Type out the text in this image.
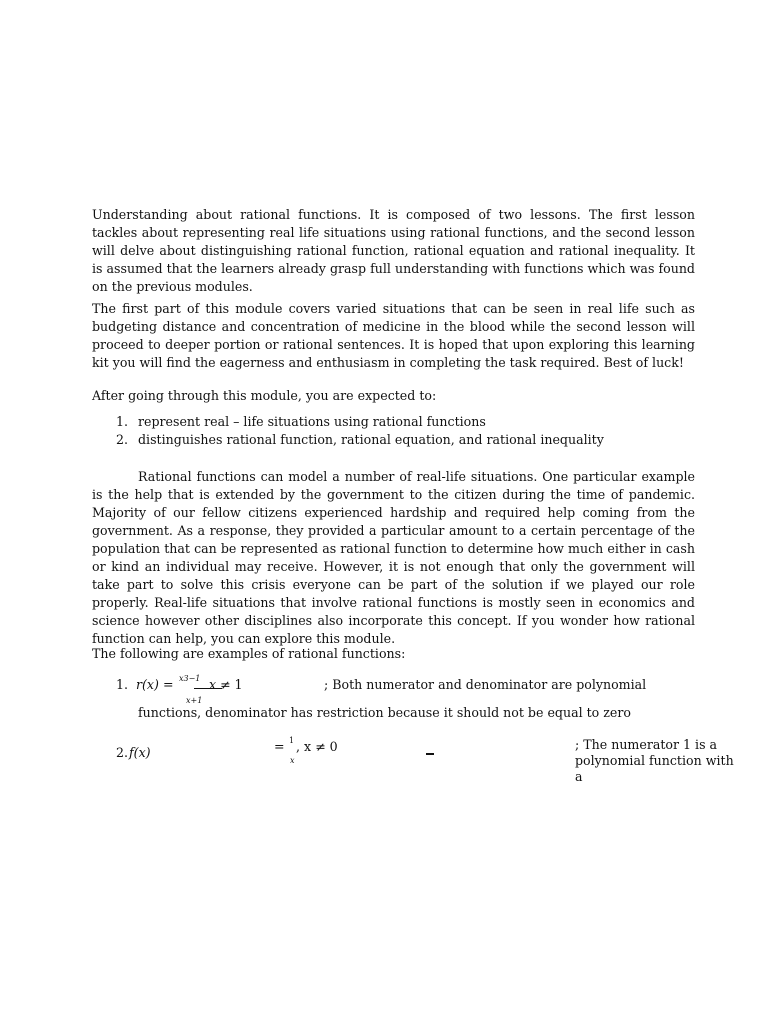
Understanding about rational functions. It is composed of two lessons. The first lesson tackles about representing real life situations using rational functions, and the second lesson will delve about distinguishing rational function, rational equation and rational inequality. It is assumed that the learners already grasp full understanding with functions which was found on the previous modules.

The first part of this module covers varied situations that can be seen in real life such as budgeting distance and concentration of medicine in the blood while the second lesson will proceed to deeper portion or rational sentences. It is hoped that upon exploring this learning kit you will find the eagerness and enthusiasm in completing the task required. Best of luck!

After going through this module, you are expected to:

1. represent real – life situations using rational functions
2. distinguishes rational function, rational equation, and rational inequality

Rational functions can model a number of real-life situations. One particular example is the help that is extended by the government to the citizen during the time of pandemic. Majority of our fellow citizens experienced hardship and required help coming from the government. As a response, they provided a particular amount to a certain percentage of the population that can be represented as rational function to determine how much either in cash or kind an individual may receive. However, it is not enough that only the government will take part to solve this crisis everyone can be part of the solution if we played our role properly. Real-life situations that involve rational functions is mostly seen in economics and science however other disciplines also incorporate this concept. If you wonder how rational function can help, you can explore this module.

The following are examples of rational functions:

1. r(x) = x3−1 x ≠ 1
x+1
; Both numerator and denominator are polynomial
functions, denominator has restriction because it should not be equal to zero
2. f(x)	= 1
x
, x ≠ 0	; The numerator 1 is a
polynomial function with
a
